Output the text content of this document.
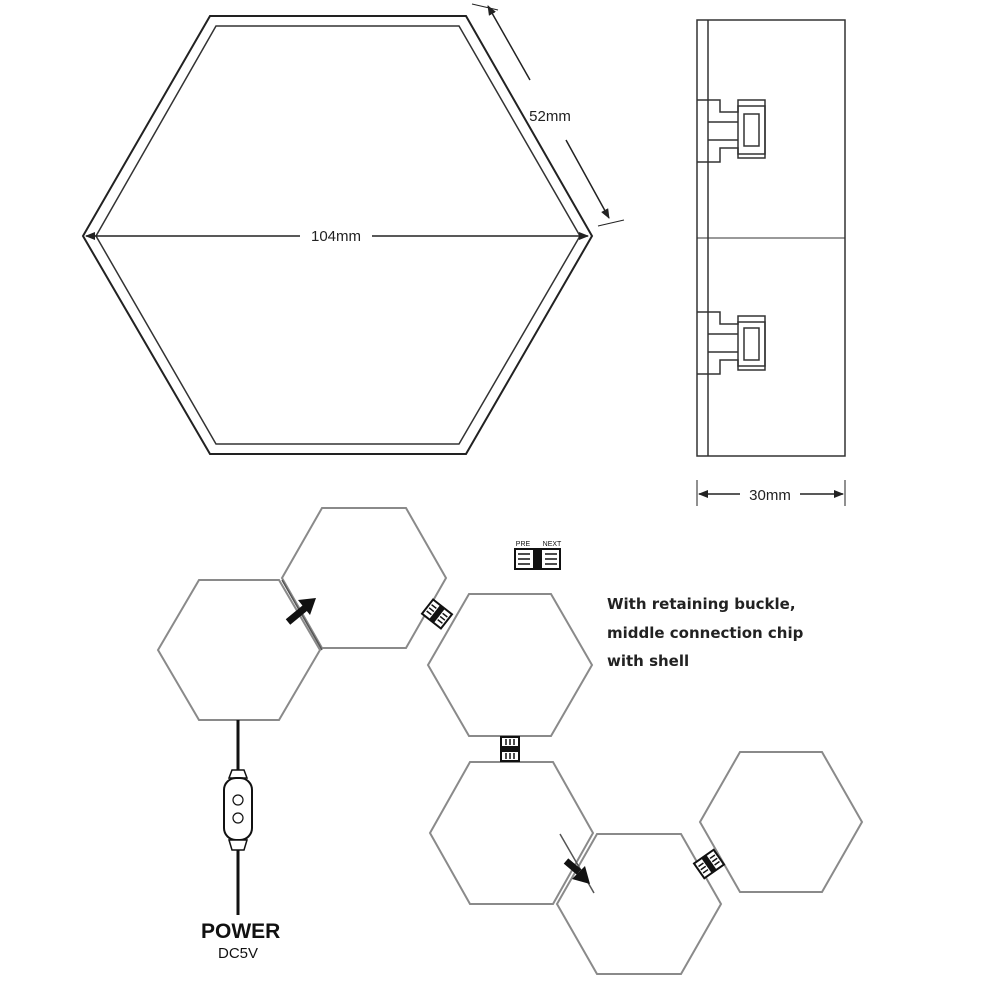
104mm
52mm
30mm
PRE NEXT
With retaining buckle,
middle connection chip
with shell
POWER
DC5V
